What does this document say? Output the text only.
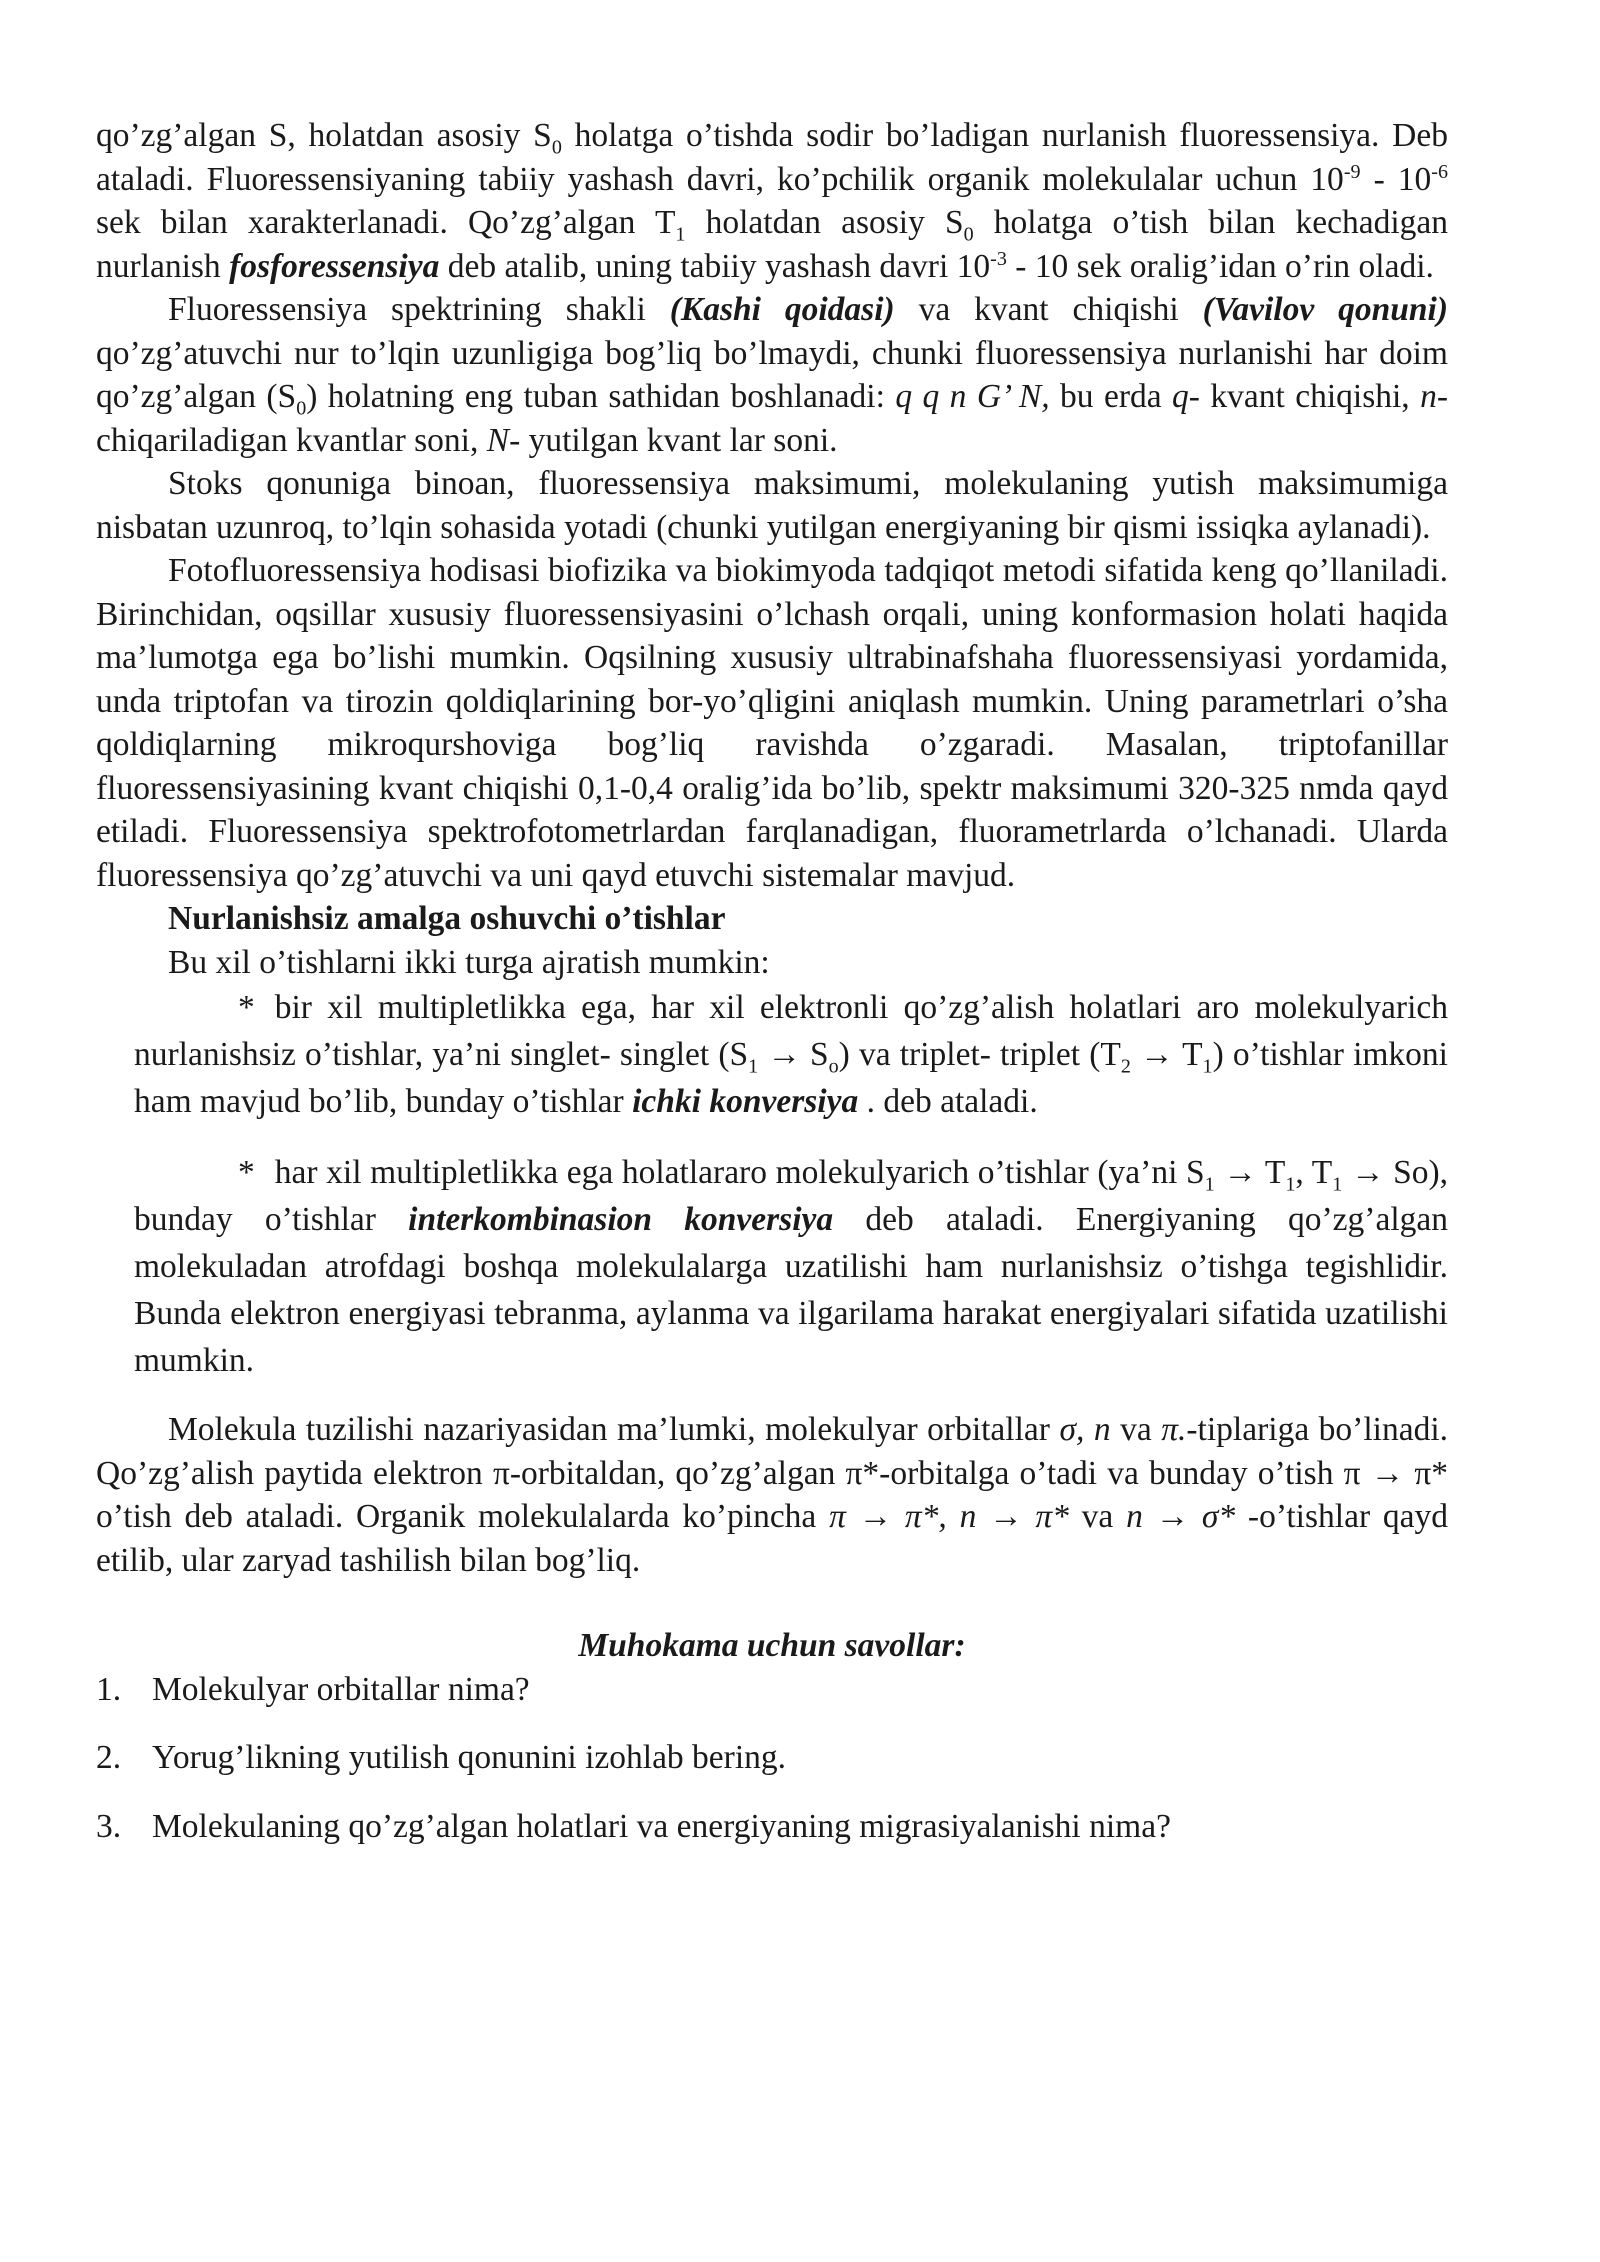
qo’zg’algan S, holatdan asosiy $S_0$ holatga o’tishda sodir bo’ladigan nurlanish fluoressensiya. Deb ataladi. Fluoressensiyaning tabiiy yashash davri, ko’pchilik organik molekulalar uchun $10^{-9} - 10^{-6}$ sek bilan xarakterlanadi. Qo’zg’algan $T_1$ holatdan asosiy $S_0$ holatga o’tish bilan kechadigan nurlanish fosforessensiya deb atalib, uning tabiiy yashash davri $10^{-3} - 10$ sek oralig’idan o’rin oladi.

Fluoressensiya spektrining shakli (Kashi qoidasi) va kvant chiqishi (Vavilov qonuni) qo’zg’atuvchi nur to’lqin uzunligiga bog’liq bo’lmaydi, chunki fluoressensiya nurlanishi har doim qo’zg’algan $(S_0)$ holatning eng tuban sathidan boshlanadi: q q n G’ N, bu erda q- kvant chiqishi, n- chiqariladigan kvantlar soni, N- yutilgan kvant lar soni.

Stoks qonuniga binoan, fluoressensiya maksimumi, molekulaning yutish maksimumiga nisbatan uzunroq, to’lqin sohasida yotadi (chunki yutilgan energiyaning bir qismi issiqka aylanadi).

Fotofluoressensiya hodisasi biofizika va biokimyoda tadqiqot metodi sifatida keng qo’llaniladi. Birinchidan, oqsillar xususiy fluoressensiyasini o’lchash orqali, uning konformasion holati haqida ma’lumotga ega bo’lishi mumkin. Oqsilning xususiy ultrabinafshaha fluoressensiyasi yordamida, unda triptofan va tirozin qoldiqlarining bor-yo’qligini aniqlash mumkin. Uning parametrlari o’sha qoldiqlarning mikroqurshoviga bog’liq ravishda o’zgaradi. Masalan, triptofanillar fluoressensiyasining kvant chiqishi 0,1-0,4 oralig’ida bo’lib, spektr maksimumi 320-325 nmda qayd etiladi. Fluoressensiya spektrofotometrlardan farqlanadigan, fluorametrlarda o’lchanadi. Ularda fluoressensiya qo’zg’atuvchi va uni qayd etuvchi sistemalar mavjud.

Nurlanishsiz amalga oshuvchi o’tishlar

Bu xil o’tishlarni ikki turga ajratish mumkin:

* bir xil multipletlikka ega, har xil elektronli qo’zg’alish holatlari aro molekulyarich nurlanishsiz o’tishlar, ya’ni singlet- singlet $(S_1 \to S_o)$ va triplet- triplet $(T_2 \to T_1)$ o’tishlar imkoni ham mavjud bo’lib, bunday o’tishlar ichki konversiya . deb ataladi.

* har xil multipletlikka ega holatlararo molekulyarich o’tishlar (ya’ni $S_1 \to T_1$, $T_1 \to So$), bunday o’tishlar interkombinasion konversiya deb ataladi. Energiyaning qo’zg’algan molekuladan atrofdagi boshqa molekulalarga uzatilishi ham nurlanishsiz o’tishga tegishlidir. Bunda elektron energiyasi tebranma, aylanma va ilgarilama harakat energiyalari sifatida uzatilishi mumkin.

Molekula tuzilishi nazariyasidan ma’lumki, molekulyar orbitallar σ, n va π.-tiplariga bo’linadi. Qo’zg’alish paytida elektron π-orbitaldan, qo’zg’algan π*-orbitalga o’tadi va bunday o’tish π → π* o’tish deb ataladi. Organik molekulalarda ko’pincha π → π*, n → π* va n → σ* -o’tishlar qayd etilib, ular zaryad tashilish bilan bog’liq.

Muhokama uchun savollar:

1. Molekulyar orbitallar nima?
2. Yorug’likning yutilish qonunini izohlab bering.
3. Molekulaning qo’zg’algan holatlari va energiyaning migrasiyalanishi nima?
